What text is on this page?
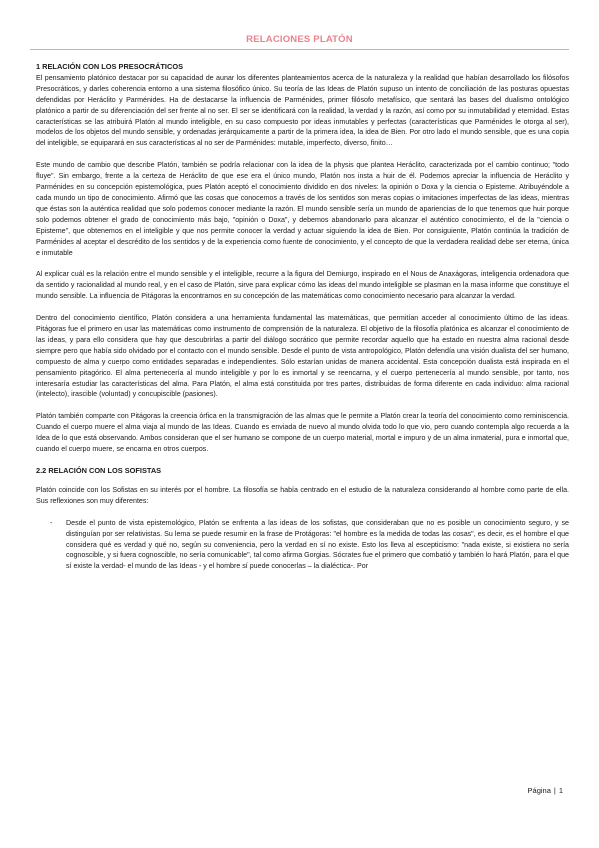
RELACIONES PLATÓN
1 RELACIÓN CON LOS PRESOCRÁTICOS

El pensamiento platónico destacar por su capacidad de aunar los diferentes planteamientos acerca de la naturaleza y la realidad que habían desarrollado los filósofos Presocráticos, y darles coherencia entorno a una sistema filosófico único. Su teoría de las Ideas de Platón supuso un intento de conciliación de las posturas opuestas defendidas por Heráclito y Parménides. Ha de destacarse la influencia de Parménides, primer filósofo metafísico, que sentará las bases del dualismo ontológico platónico a partir de su diferenciación del ser frente al no ser. El ser se identificará con la realidad, la verdad y la razón, así como por su inmutabilidad y eternidad. Estas características se las atribuirá Platón al mundo inteligible, en su caso compuesto por ideas inmutables y perfectas (características que Parménides le otorga al ser), modelos de los objetos del mundo sensible, y ordenadas jerárquicamente a partir de la primera idea, la idea de Bien. Por otro lado el mundo sensible, que es una copia del inteligible, se equiparará en sus características al no ser de Parménides: mutable, imperfecto, diverso, finito…

Este mundo de cambio que describe Platón, también se podría relacionar con la idea de la physis que plantea Heráclito, caracterizada por el cambio continuo; "todo fluye". Sin embargo, frente a la certeza de Heráclito de que ese era el único mundo, Platón nos insta a huir de él. Podemos apreciar la influencia de Heráclito y Parménides en su concepción epistemológica, pues Platón aceptó el conocimiento dividido en dos niveles: la opinión o Doxa y la ciencia o Episteme. Atribuyéndole a cada mundo un tipo de conocimiento. Afirmó que las cosas que conocemos a través de los sentidos son meras copias o imitaciones imperfectas de las ideas, mientras que éstas son la auténtica realidad que solo podemos conocer mediante la razón. El mundo sensible sería un mundo de apariencias de lo que tenemos que huir porque solo podemos obtener el grado de conocimiento más bajo, "opinión o Doxa", y debemos abandonarlo para alcanzar el auténtico conocimiento, el de la "ciencia o Episteme", que obtenemos en el inteligible y que nos permite conocer la verdad y actuar siguiendo la idea de Bien. Por consiguiente, Platón continúa la tradición de Parménides al aceptar el descrédito de los sentidos y de la experiencia como fuente de conocimiento, y el concepto de que la verdadera realidad debe ser eterna, única e inmutable

Al explicar cuál es la relación entre el mundo sensible y el inteligible, recurre a la figura del Demiurgo, inspirado en el Nous de Anaxágoras, inteligencia ordenadora que da sentido y racionalidad al mundo real, y en el caso de Platón, sirve para explicar cómo las ideas del mundo inteligible se plasman en la masa informe que constituye el mundo sensible. La influencia de Pitágoras la encontramos en su concepción de las matemáticas como conocimiento necesario para alcanzar la verdad.

Dentro del conocimiento científico, Platón considera a una herramienta fundamental las matemáticas, que permitían acceder al conocimiento último de las ideas. Pitágoras fue el primero en usar las matemáticas como instrumento de comprensión de la naturaleza. El objetivo de la filosofía platónica es alcanzar el conocimiento de las ideas, y para ello considera que hay que descubrirlas a partir del diálogo socrático que permite recordar aquello que ha estado en nuestra alma racional desde siempre pero que había sido olvidado por el contacto con el mundo sensible. Desde el punto de vista antropológico, Platón defendía una visión dualista del ser humano, compuesto de alma y cuerpo como entidades separadas e independientes. Sólo estarían unidas de manera accidental. Esta concepción dualista está inspirada en el pensamiento pitagórico. El alma pertenecería al mundo inteligible y por lo es inmortal y se reencarna, y el cuerpo pertenecería al mundo sensible, por tanto, nos interesaría estudiar las características del alma. Para Platón, el alma está constituida por tres partes, distribuidas de forma diferente en cada individuo: alma racional (intelecto), irascible (voluntad) y concupiscible (pasiones).

Platón también comparte con Pitágoras la creencia órfica en la transmigración de las almas que le permite a Platón crear la teoría del conocimiento como reminiscencia. Cuando el cuerpo muere el alma viaja al mundo de las Ideas. Cuando es enviada de nuevo al mundo olvida todo lo que vio, pero cuando contempla algo recuerda a la Idea de lo que está observando. Ambos consideran que el ser humano se compone de un cuerpo material, mortal e impuro y de un alma inmaterial, pura e inmortal que, cuando el cuerpo muere, se encarna en otros cuerpos.

2.2 RELACIÓN CON LOS SOFISTAS

Platón coincide con los Sofistas en su interés por el hombre. La filosofía se había centrado en el estudio de la naturaleza considerando al hombre como parte de ella. Sus reflexiones son muy diferentes:

-	Desde el punto de vista epistemológico, Platón se enfrenta a las ideas de los sofistas, que consideraban que no es posible un conocimiento seguro, y se distinguían por ser relativistas. Su lema se puede resumir en la frase de Protágoras: "el hombre es la medida de todas las cosas", es decir, es el hombre el que considera qué es verdad y qué no, según su conveniencia, pero la verdad en sí no existe. Esto los lleva al escepticismo: "nada existe, si existiera no sería cognoscible, y si fuera cognoscible, no sería comunicable", tal como afirma Gorgias. Sócrates fue el primero que combatió y también lo hará Platón, para el que sí existe la verdad- el mundo de las Ideas - y el hombre sí puede conocerlas – la dialéctica-. Por
Página | 1
